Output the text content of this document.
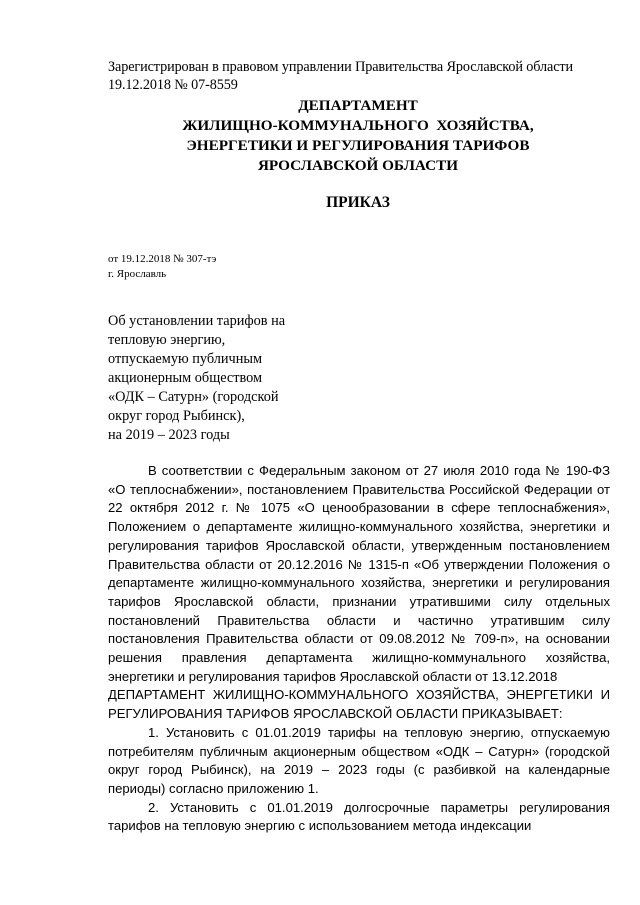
Зарегистрирован в правовом управлении Правительства Ярославской области
19.12.2018 № 07-8559
ДЕПАРТАМЕНТ
ЖИЛИЩНО-КОММУНАЛЬНОГО  ХОЗЯЙСТВА,
ЭНЕРГЕТИКИ И РЕГУЛИРОВАНИЯ ТАРИФОВ
ЯРОСЛАВСКОЙ ОБЛАСТИ
ПРИКАЗ
от 19.12.2018 № 307-тэ
г. Ярославль
Об установлении тарифов на
тепловую энергию,
отпускаемую публичным
акционерным обществом
«ОДК – Сатурн» (городской
округ город Рыбинск),
на 2019 – 2023 годы

В соответствии с Федеральным законом от 27 июля 2010 года № 190-ФЗ «О теплоснабжении», постановлением Правительства Российской Федерации от 22 октября 2012 г. № 1075 «О ценообразовании в сфере теплоснабжения», Положением о департаменте жилищно-коммунального хозяйства, энергетики и регулирования тарифов Ярославской области, утвержденным постановлением Правительства области от 20.12.2016 № 1315-п «Об утверждении Положения о департаменте жилищно-коммунального хозяйства, энергетики и регулирования тарифов Ярославской области, признании утратившими силу отдельных постановлений Правительства области и частично утратившим силу постановления Правительства области от 09.08.2012 № 709-п», на основании решения правления департамента жилищно-коммунального хозяйства, энергетики и регулирования тарифов Ярославской области от 13.12.2018

ДЕПАРТАМЕНТ ЖИЛИЩНО-КОММУНАЛЬНОГО ХОЗЯЙСТВА, ЭНЕРГЕТИКИ И РЕГУЛИРОВАНИЯ ТАРИФОВ ЯРОСЛАВСКОЙ ОБЛАСТИ ПРИКАЗЫВАЕТ:

1. Установить с 01.01.2019 тарифы на тепловую энергию, отпускаемую потребителям публичным акционерным обществом «ОДК – Сатурн» (городской округ город Рыбинск), на 2019 – 2023 годы (с разбивкой на календарные периоды) согласно приложению 1.

2. Установить с 01.01.2019 долгосрочные параметры регулирования тарифов на тепловую энергию с использованием метода индексации
